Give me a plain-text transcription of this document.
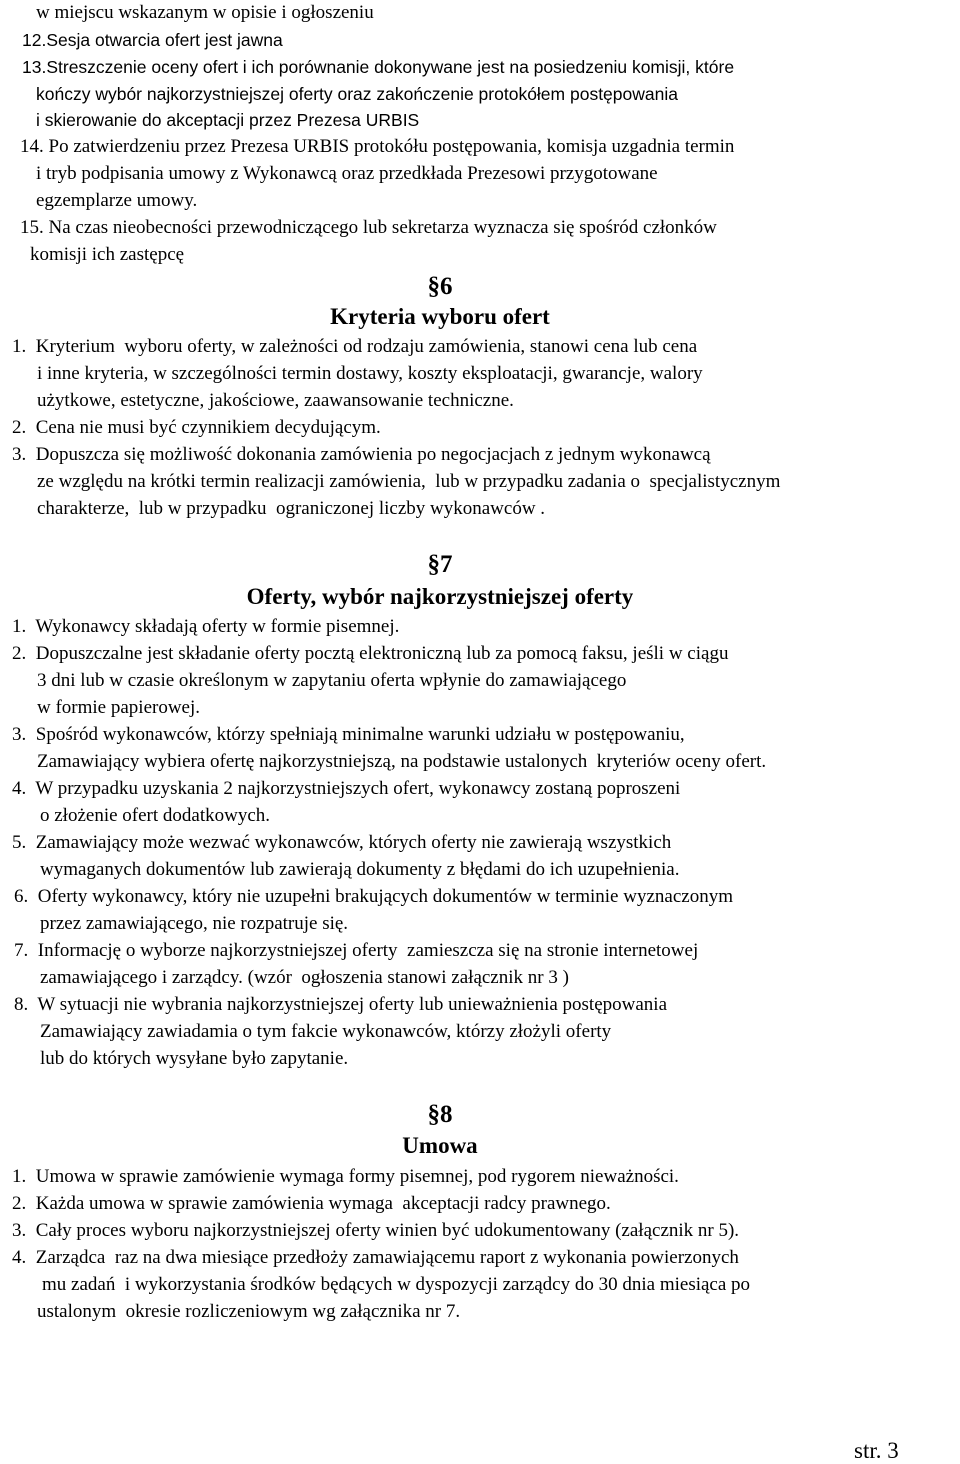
w miejscu wskazanym w opisie i ogłoszeniu
12.Sesja otwarcia ofert jest jawna
13.Streszczenie oceny ofert i ich porównanie dokonywane jest na posiedzeniu komisji, które
kończy wybór najkorzystniejszej oferty oraz zakończenie protokółem postępowania
i skierowanie do akceptacji przez Prezesa URBIS
14. Po zatwierdzeniu przez Prezesa URBIS protokółu postępowania, komisja uzgadnia termin
i tryb podpisania umowy z Wykonawcą oraz przedkłada Prezesowi przygotowane
egzemplarze umowy.
15. Na czas nieobecności przewodniczącego lub sekretarza wyznacza się spośród członków
komisji ich zastępcę
§6
Kryteria wyboru ofert
1.  Kryterium  wyboru oferty, w zależności od rodzaju zamówienia, stanowi cena lub cena
i inne kryteria, w szczególności termin dostawy, koszty eksploatacji, gwarancje, walory
użytkowe, estetyczne, jakościowe, zaawansowanie techniczne.
2.  Cena nie musi być czynnikiem decydującym.
3.  Dopuszcza się możliwość dokonania zamówienia po negocjacjach z jednym wykonawcą
ze względu na krótki termin realizacji zamówienia,  lub w przypadku zadania o  specjalistycznym
charakterze,  lub w przypadku  ograniczonej liczby wykonawców .
§7
Oferty, wybór najkorzystniejszej oferty
1.  Wykonawcy składają oferty w formie pisemnej.
2.  Dopuszczalne jest składanie oferty pocztą elektroniczną lub za pomocą faksu, jeśli w ciągu
3 dni lub w czasie określonym w zapytaniu oferta wpłynie do zamawiającego
w formie papierowej.
3.  Spośród wykonawców, którzy spełniają minimalne warunki udziału w postępowaniu,
Zamawiający wybiera ofertę najkorzystniejszą, na podstawie ustalonych  kryteriów oceny ofert.
4.  W przypadku uzyskania 2 najkorzystniejszych ofert, wykonawcy zostaną poproszeni
o złożenie ofert dodatkowych.
5.  Zamawiający może wezwać wykonawców, których oferty nie zawierają wszystkich
wymaganych dokumentów lub zawierają dokumenty z błędami do ich uzupełnienia.
6.  Oferty wykonawcy, który nie uzupełni brakujących dokumentów w terminie wyznaczonym
przez zamawiającego, nie rozpatruje się.
7.  Informację o wyborze najkorzystniejszej oferty  zamieszcza się na stronie internetowej
zamawiającego i zarządcy. (wzór  ogłoszenia stanowi załącznik nr 3 )
8.  W sytuacji nie wybrania najkorzystniejszej oferty lub unieważnienia postępowania
Zamawiający zawiadamia o tym fakcie wykonawców, którzy złożyli oferty
lub do których wysyłane było zapytanie.
§8
Umowa
1.  Umowa w sprawie zamówienie wymaga formy pisemnej, pod rygorem nieważności.
2.  Każda umowa w sprawie zamówienia wymaga  akceptacji radcy prawnego.
3.  Cały proces wyboru najkorzystniejszej oferty winien być udokumentowany (załącznik nr 5).
4.  Zarządca  raz na dwa miesiące przedłoży zamawiającemu raport z wykonania powierzonych
mu zadań  i wykorzystania środków będących w dyspozycji zarządcy do 30 dnia miesiąca po
ustalonym  okresie rozliczeniowym wg załącznika nr 7.
str. 3
